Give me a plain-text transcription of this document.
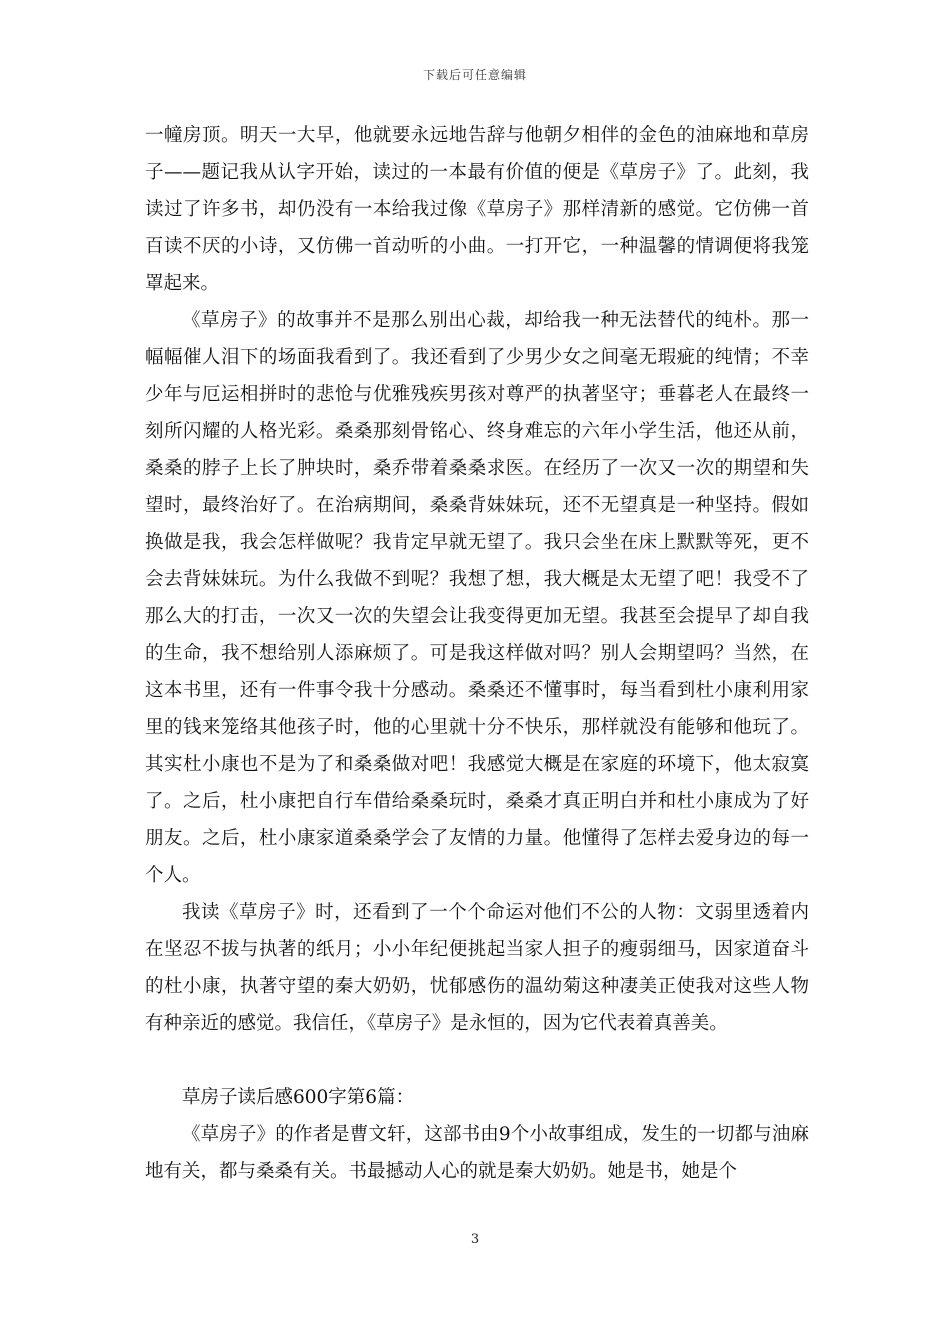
下载后可任意编辑

一幢房顶。明天一大早，他就要永远地告辞与他朝夕相伴的金色的油麻地和草房子——题记我从认字开始，读过的一本最有价值的便是《草房子》了。此刻，我读过了许多书，却仍没有一本给我过像《草房子》那样清新的感觉。它仿佛一首百读不厌的小诗，又仿佛一首动听的小曲。一打开它，一种温馨的情调便将我笼罩起来。

《草房子》的故事并不是那么别出心裁，却给我一种无法替代的纯朴。那一幅幅催人泪下的场面我看到了。我还看到了少男少女之间毫无瑕疵的纯情；不幸少年与厄运相拼时的悲怆与优雅残疾男孩对尊严的执著坚守；垂暮老人在最终一刻所闪耀的人格光彩。桑桑那刻骨铭心、终身难忘的六年小学生活，他还从前，桑桑的脖子上长了肿块时，桑乔带着桑桑求医。在经历了一次又一次的期望和失望时，最终治好了。在治病期间，桑桑背妹妹玩，还不无望真是一种坚持。假如换做是我，我会怎样做呢？我肯定早就无望了。我只会坐在床上默默等死，更不会去背妹妹玩。为什么我做不到呢？我想了想，我大概是太无望了吧！我受不了那么大的打击，一次又一次的失望会让我变得更加无望。我甚至会提早了却自我的生命，我不想给别人添麻烦了。可是我这样做对吗？别人会期望吗？当然，在这本书里，还有一件事令我十分感动。桑桑还不懂事时，每当看到杜小康利用家里的钱来笼络其他孩子时，他的心里就十分不快乐，那样就没有能够和他玩了。其实杜小康也不是为了和桑桑做对吧！我感觉大概是在家庭的环境下，他太寂寞了。之后，杜小康把自行车借给桑桑玩时，桑桑才真正明白并和杜小康成为了好朋友。之后，杜小康家道桑桑学会了友情的力量。他懂得了怎样去爱身边的每一个人。

我读《草房子》时，还看到了一个个命运对他们不公的人物：文弱里透着内在坚忍不拔与执著的纸月；小小年纪便挑起当家人担子的瘦弱细马，因家道奋斗的杜小康，执著守望的秦大奶奶，忧郁感伤的温幼菊这种凄美正使我对这些人物有种亲近的感觉。我信任，《草房子》是永恒的，因为它代表着真善美。

草房子读后感600字第6篇：

《草房子》的作者是曹文轩，这部书由9个小故事组成，发生的一切都与油麻地有关，都与桑桑有关。书最撼动人心的就是秦大奶奶。她是书，她是个

3
